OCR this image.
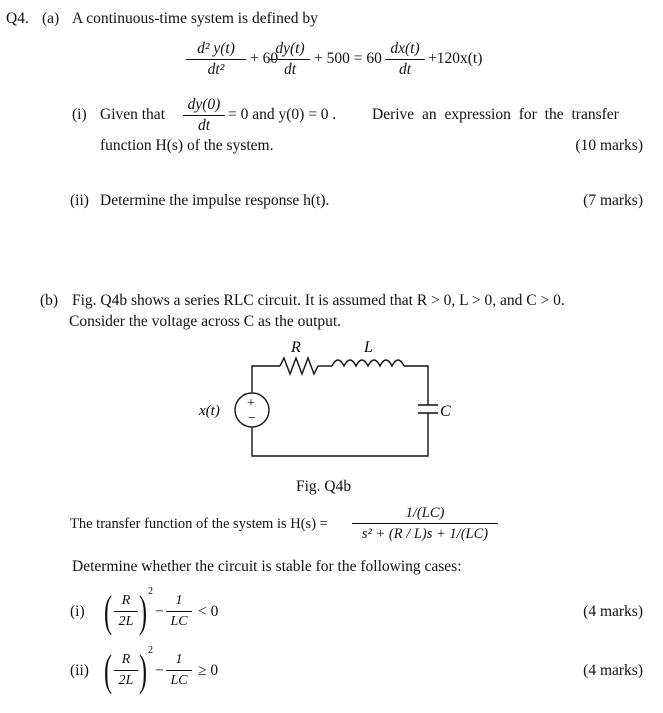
Q4. (a) A continuous-time system is defined by
d² y(t)
dt²
+ 60
dy(t)
dt
+ 500 = 60
dx(t)
dt
+120x(t)
(i) Given that
dy(0)
dt
= 0 and y(0) = 0 . Derive an expression for the transfer
function H(s) of the system.	(10 marks)
(ii) Determine the impulse response h(t).	(7 marks)
(b) Fig. Q4b shows a series RLC circuit. It is assumed that R > 0, L > 0, and C > 0.
Consider the voltage across C as the output.
R	L
C
x(t) +
−
Fig. Q4b
The transfer function of the system is H(s) =
1/(LC)
s² + (R / L)s + 1/(LC)
Determine whether the circuit is stable for the following cases:
(i) ( R
2L ) 2
−
1
LC
< 0	(4 marks)
(ii) ( R
2L ) 2
−
1
LC
≥ 0	(4 marks)
